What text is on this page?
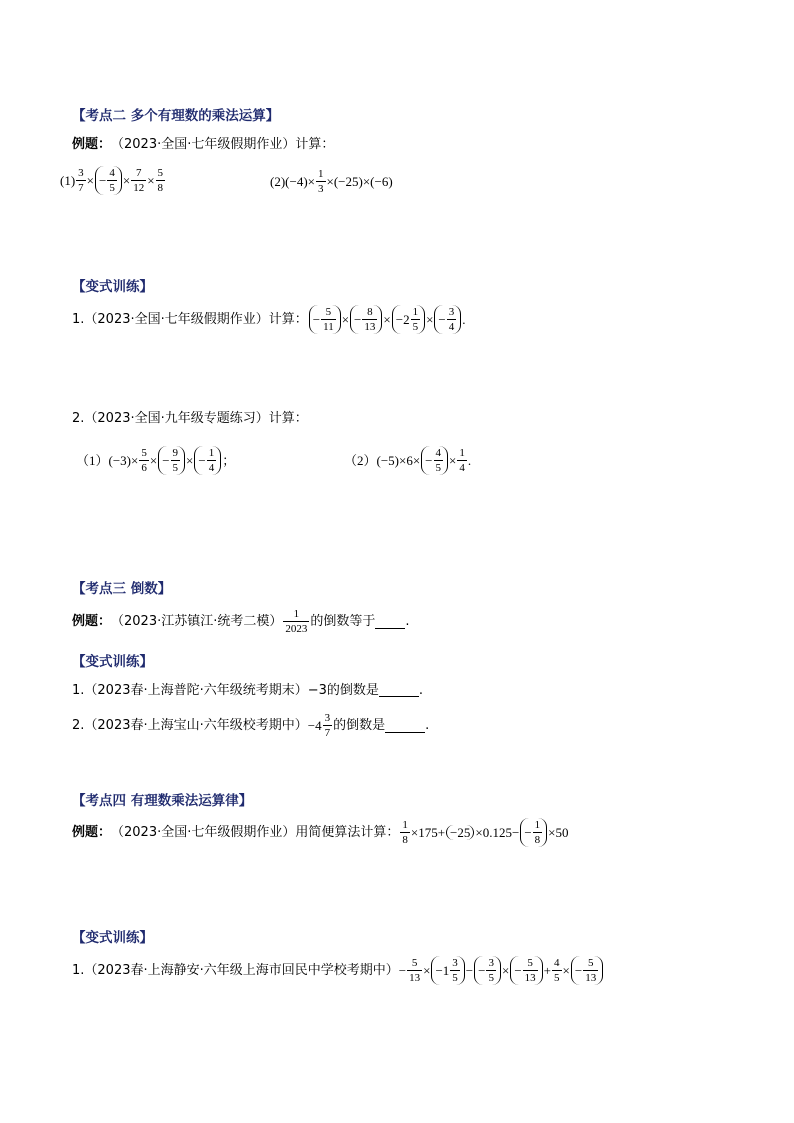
【考点二 多个有理数的乘法运算】
例题： （2023·全国·七年级假期作业）计算：
$(1) \frac{3}{7}$ × − $\frac{4}{5} \times \frac{7}{12} \times \frac{5}{8}$	(2) $(-4)\times \frac{1}{3} \times(-25)\times(-6)$
【变式训练】
1.（2023·全国·七年级假期作业）计算： − $\frac{5}{11}$ × − $\frac{8}{13} \times -2 \frac{1}{5}$ × − $\frac{3}{4}$ .
2.（2023·全国·九年级专题练习）计算：
（1） $(-3)\times \frac{5}{6}$ × − $\frac{9}{5}$ × − $\frac{1}{4}$ ；	（2） $(-5)\times 6\times - \frac{4}{5} \times \frac{1}{4}$ .
【考点三 倒数】
例题： （2023·江苏镇江·统考二模） $\frac{1}{2023}$ 的倒数等于 .
【变式训练】
1.（2023春·上海普陀·六年级统考期末）−3的倒数是	.
2.（2023春·上海宝山·六年级校考期中） $-4 \frac{3}{7}$ 的倒数是	.
【考点四 有理数乘法运算律】
例题： （2023·全国·七年级假期作业）用简便算法计算： $\frac{1}{8} \times 175+ -25 \times 0.125- - \frac{1}{8} \times 50$
【变式训练】
1.（2023春·上海静安·六年级上海市回民中学校考期中） − $\frac{5}{13} \times -1 \frac{3}{5}$ − − $\frac{3}{5}$ × − $\frac{5}{13} + \frac{4}{5}$ × − $\frac{5}{13}$
